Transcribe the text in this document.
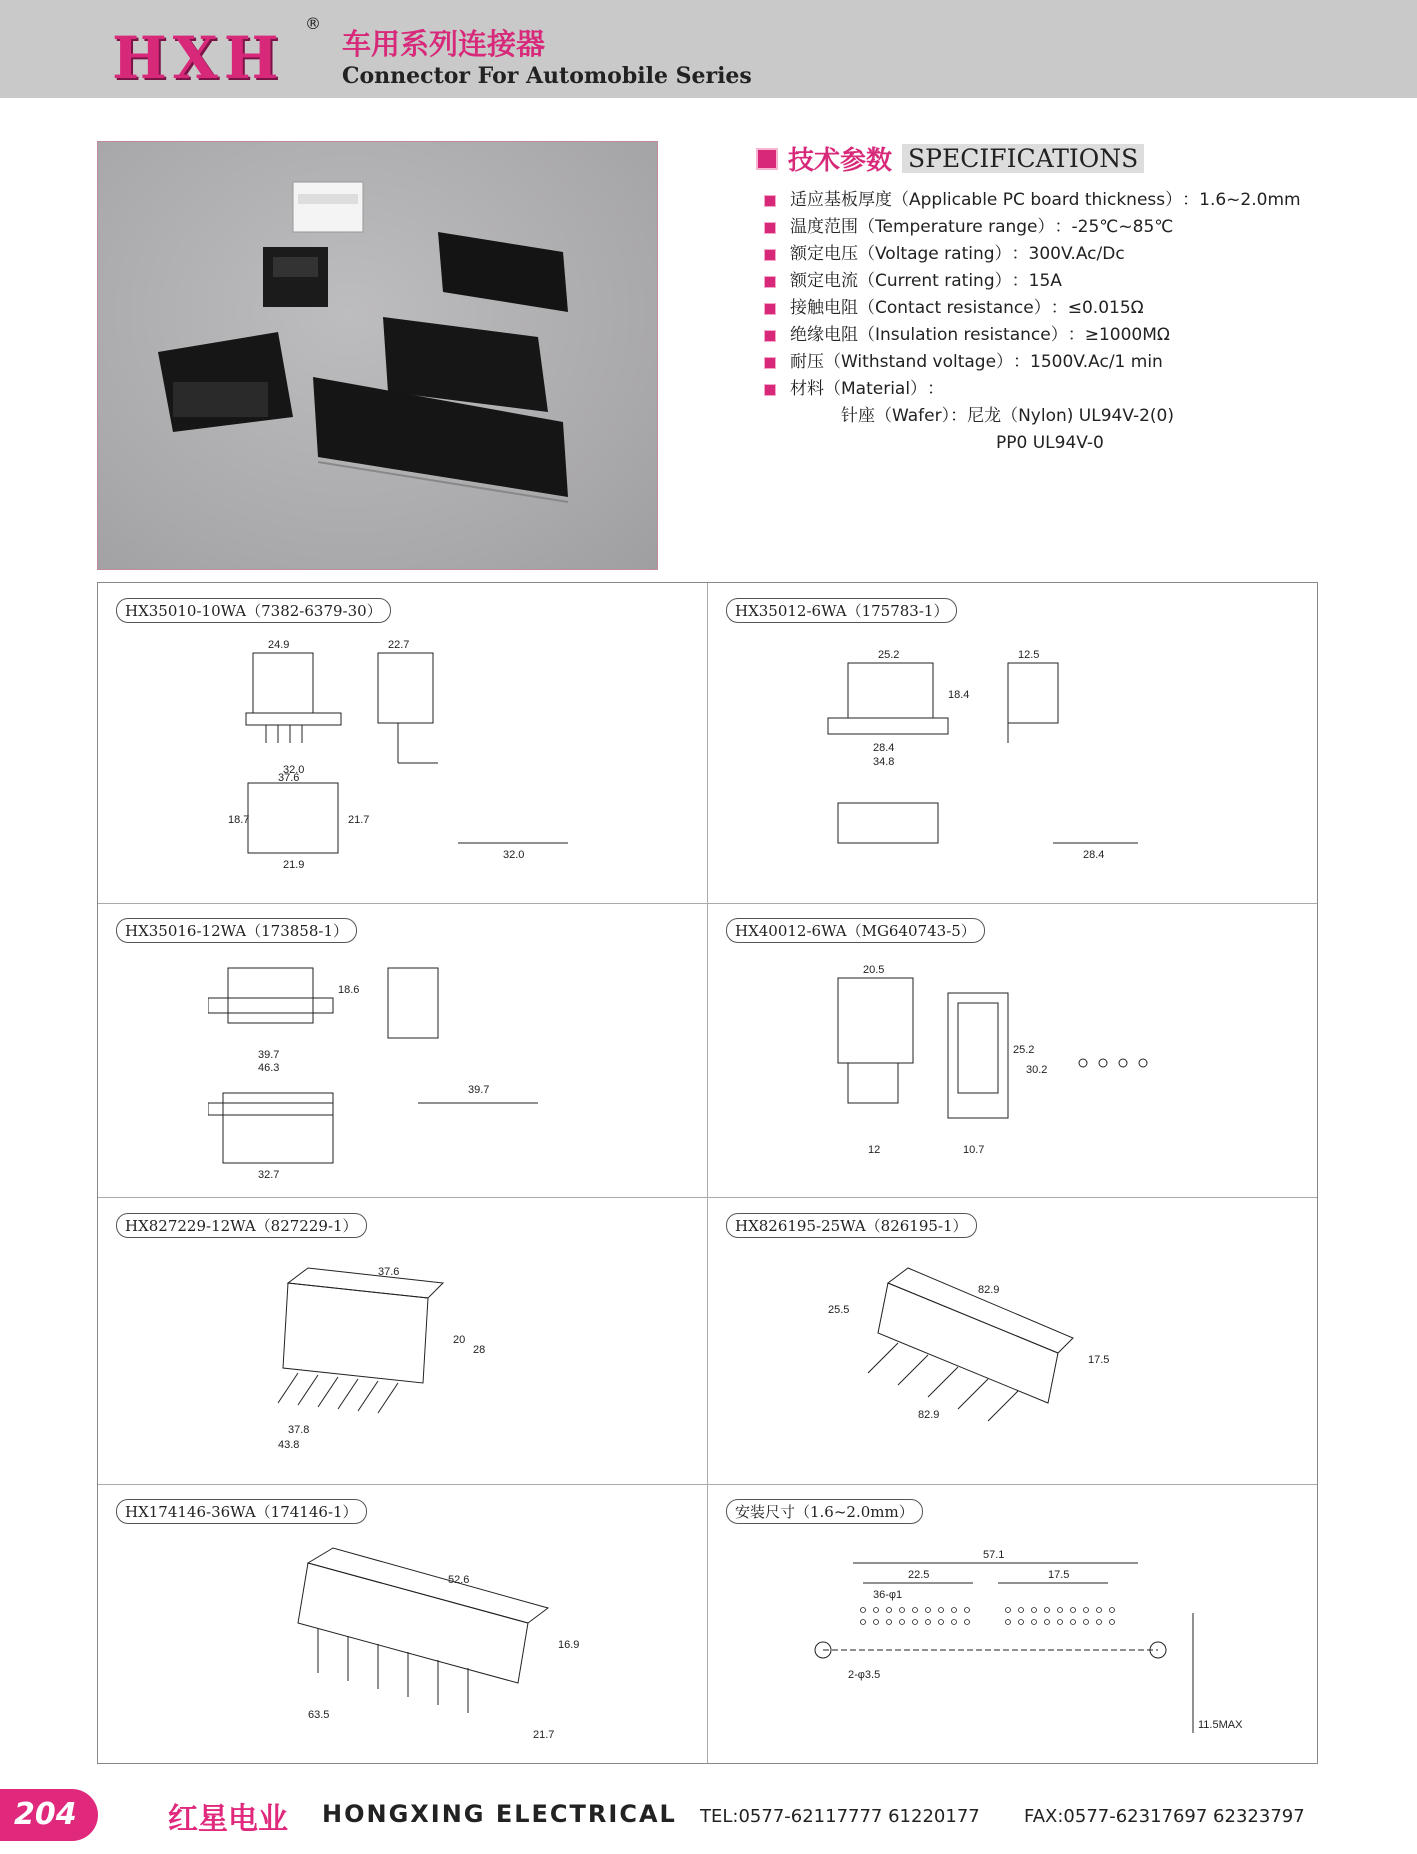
HXH
®
车用系列连接器
Connector For Automobile Series
技术参数 SPECIFICATIONS
适应基板厚度（Applicable PC board thickness） ：1.6~2.0mm
温度范围（Temperature range） ：-25℃~85℃
额定电压（Voltage rating） ：300V.Ac/Dc
额定电流（Current rating） ：15A
接触电阻（Contact resistance） ：≤0.015Ω
绝缘电阻（Insulation resistance） ：≥1000MΩ
耐压（Withstand voltage） ：1500V.Ac/1 min
材料（Material） ：
针座（Wafer）：尼龙（Nylon) UL94V-2(0)
PP0 UL94V-0
HX35010-10WA（7382-6379-30）
24.9	22.7
32.0
37.6
21.9
18.7	21.7
32.0
HX35012-6WA（175783-1）
25.2	12.5
28.4
34.8
18.4
28.4
HX35016-12WA（173858-1）
39.7
46.3
32.7
18.6
39.7
HX40012-6WA（MG640743-5）
20.5
12	10.7
25.2
30.2
HX827229-12WA（827229-1）
37.6
37.8
43.8
20
28
HX826195-25WA（826195-1）
82.9
82.9
25.5
17.5
HX174146-36WA（174146-1）
52.6
63.5
16.9
21.7
安装尺寸（1.6~2.0mm）
57.1
22.5	17.5
36-φ1
2-φ3.5
11.5MAX
204	红星电业 HONGXING ELECTRICAL TEL:0577-62117777 61220177 FAX:0577-62317697 62323797
